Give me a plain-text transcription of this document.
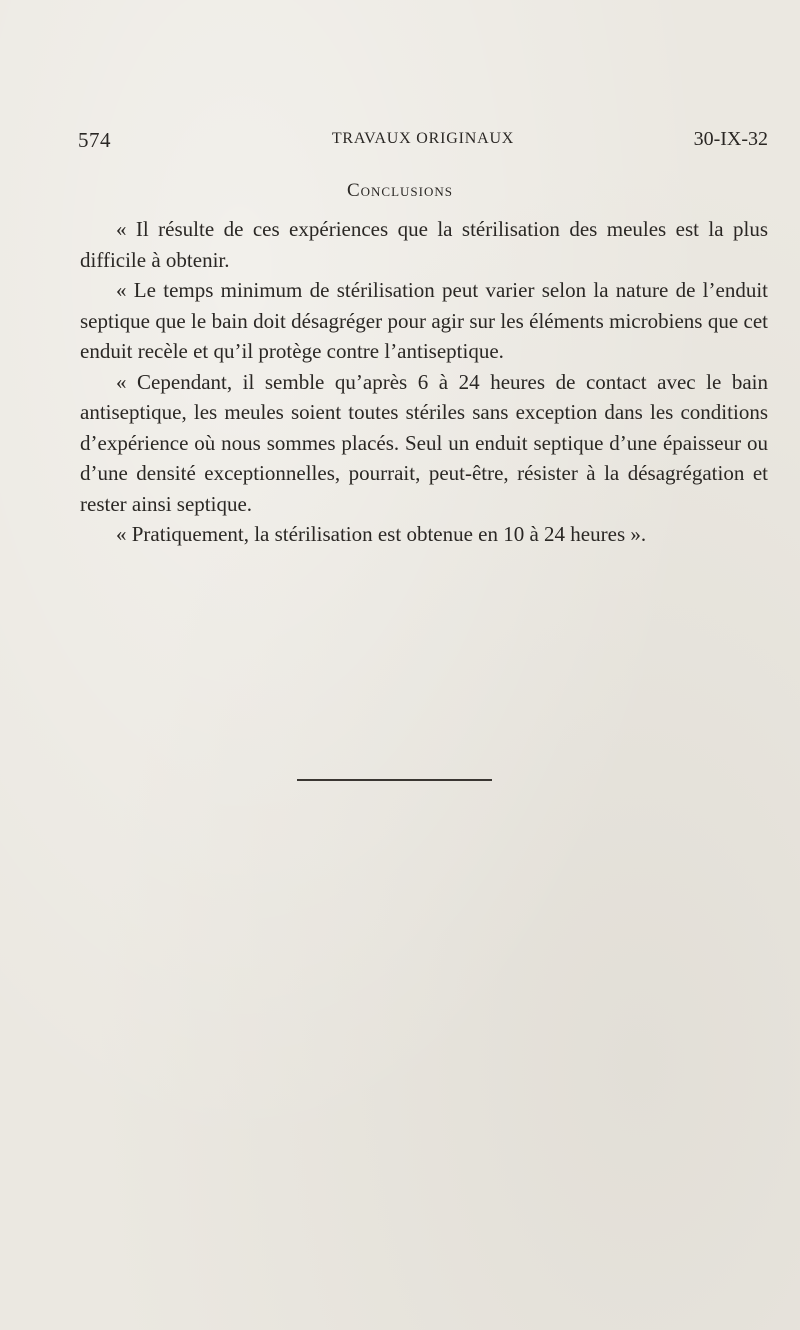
574	TRAVAUX ORIGINAUX	30-IX-32
Conclusions

« Il résulte de ces expériences que la stérilisation des meules est la plus difficile à obtenir.

« Le temps minimum de stérilisation peut varier selon la nature de l’enduit septique que le bain doit désagréger pour agir sur les éléments microbiens que cet enduit recèle et qu’il protège contre l’antiseptique.

« Cependant, il semble qu’après 6 à 24 heures de contact avec le bain antiseptique, les meules soient toutes stériles sans exception dans les conditions d’expérience où nous sommes placés. Seul un enduit septique d’une épaisseur ou d’une densité exceptionnelles, pourrait, peut-être, résister à la désagrégation et rester ainsi septique.

« Pratiquement, la stérilisation est obtenue en 10 à 24 heures ».
